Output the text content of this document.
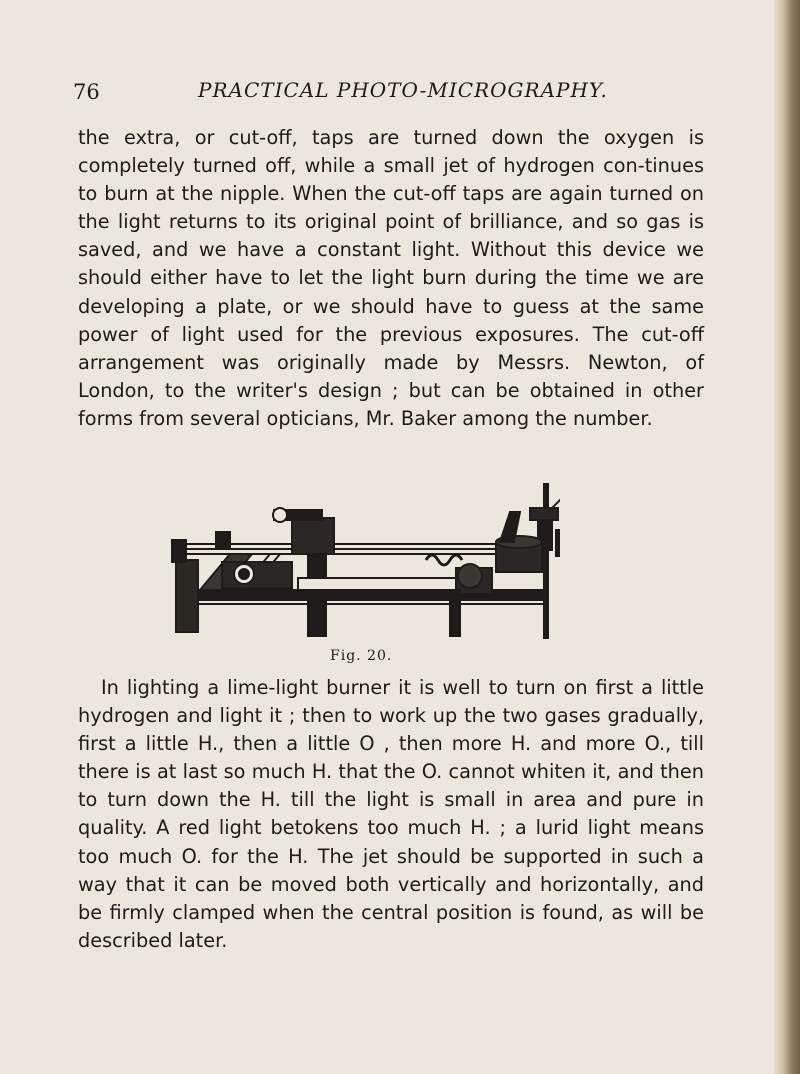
76	PRACTICAL PHOTO-MICROGRAPHY.
the extra, or cut-off, taps are turned down the oxygen is completely turned off, while a small jet of hydrogen con-tinues to burn at the nipple. When the cut-off taps are again turned on the light returns to its original point of brilliance, and so gas is saved, and we have a constant light. Without this device we should either have to let the light burn during the time we are developing a plate, or we should have to guess at the same power of light used for the previous exposures. The cut-off arrangement was originally made by Messrs. Newton, of London, to the writer's design ; but can be obtained in other forms from several opticians, Mr. Baker among the number.
Fig. 20.
In lighting a lime-light burner it is well to turn on first a little hydrogen and light it ; then to work up the two gases gradually, first a little H., then a little O , then more H. and more O., till there is at last so much H. that the O. cannot whiten it, and then to turn down the H. till the light is small in area and pure in quality. A red light betokens too much H. ; a lurid light means too much O. for the H. The jet should be supported in such a way that it can be moved both vertically and horizontally, and be firmly clamped when the central position is found, as will be described later.
